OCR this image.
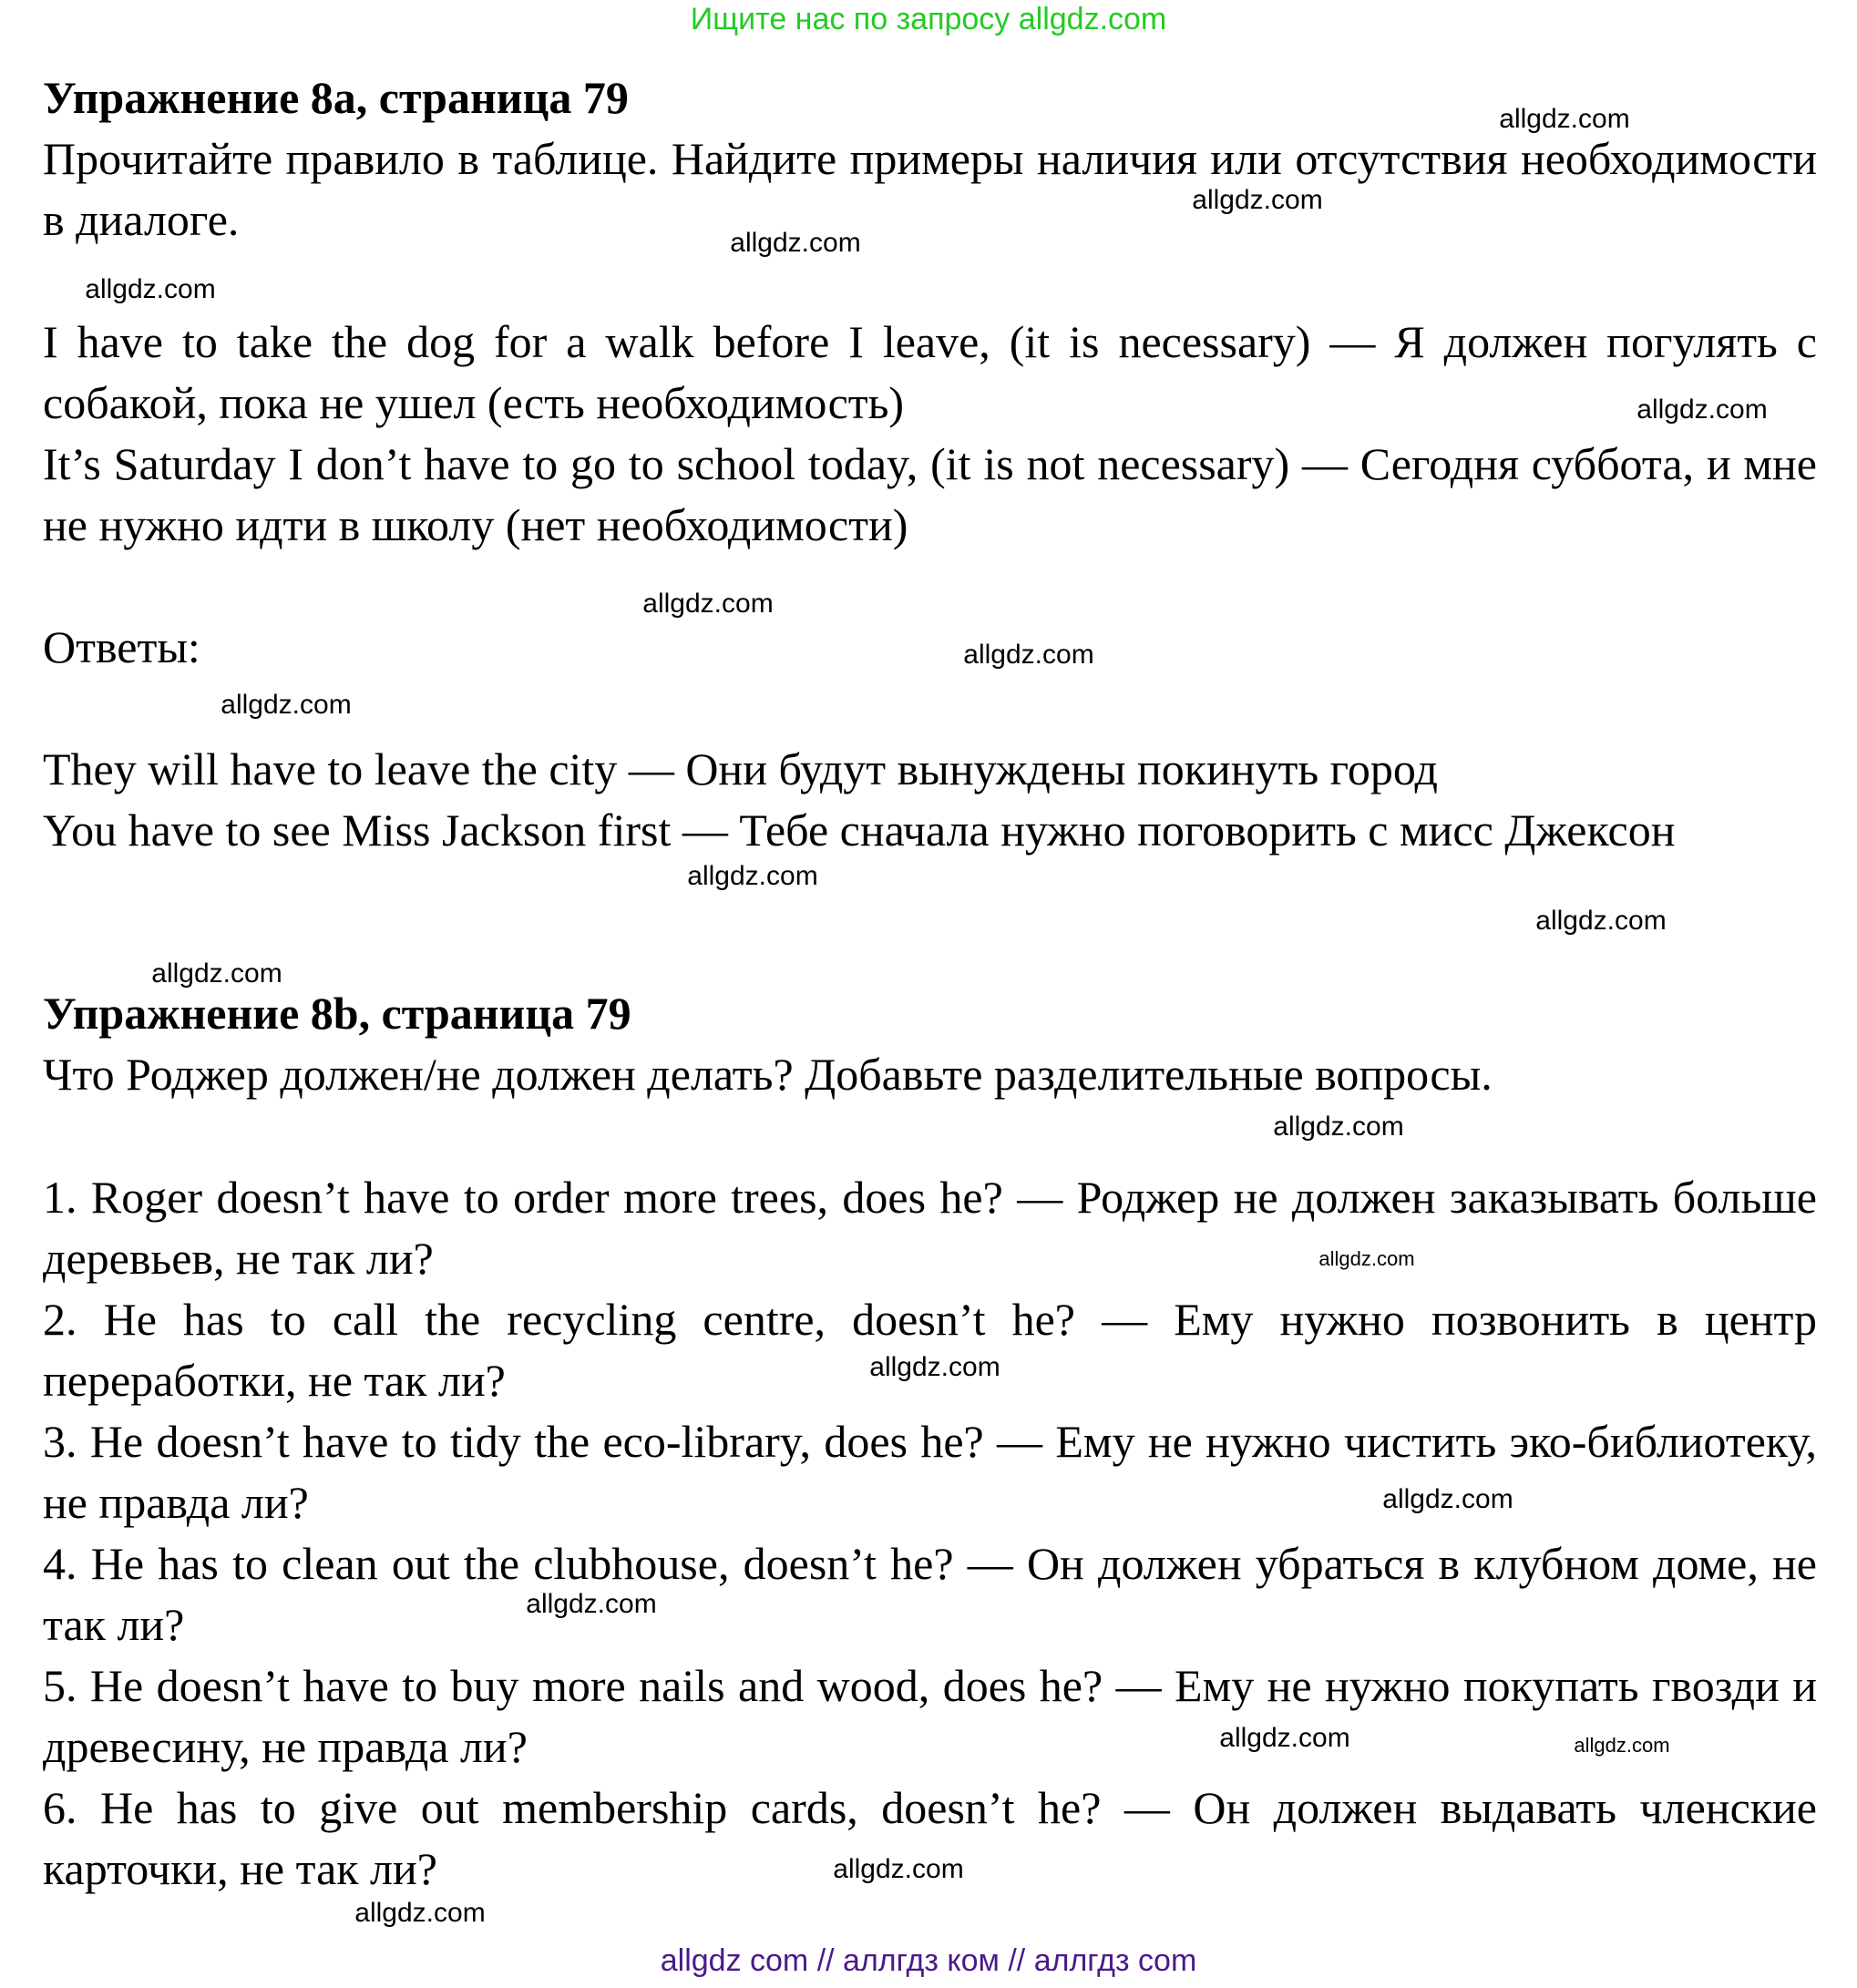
Ищите нас по запросу allgdz.com

Упражнение 8а, страница 79

Прочитайте правило в таблице. Найдите примеры наличия или отсутствия необходимости в диалоге.

I have to take the dog for a walk before I leave, (it is necessary) — Я должен погулять с собакой, пока не ушел (есть необходимость)

It’s Saturday I don’t have to go to school today, (it is not necessary) — Сегодня суббота, и мне не нужно идти в школу (нет необходимости)

Ответы:

They will have to leave the city — Они будут вынуждены покинуть город

You have to see Miss Jackson first — Тебе сначала нужно поговорить с мисс Джексон

Упражнение 8b, страница 79

Что Роджер должен/не должен делать? Добавьте разделительные вопросы.

1. Roger doesn’t have to order more trees, does he? — Роджер не должен заказывать больше деревьев, не так ли?

2. He has to call the recycling centre, doesn’t he? — Ему нужно позвонить в центр переработки, не так ли?

3. He doesn’t have to tidy the eco-library, does he? — Ему не нужно чистить эко-библиотеку, не правда ли?

4. He has to clean out the clubhouse, doesn’t he? — Он должен убраться в клубном доме, не так ли?

5. He doesn’t have to buy more nails and wood, does he? — Ему не нужно покупать гвозди и древесину, не правда ли?

6. He has to give out membership cards, doesn’t he? — Он должен выдавать членские карточки, не так ли?

allgdz.com
allgdz.com
allgdz.com
allgdz.com
allgdz.com
allgdz.com
allgdz.com
allgdz.com
allgdz.com
allgdz.com
allgdz.com
allgdz.com
allgdz.com
allgdz.com
allgdz.com
allgdz.com
allgdz.com	allgdz.com
allgdz.com
allgdz.com
allgdz com // аллгдз ком // аллгдз com
